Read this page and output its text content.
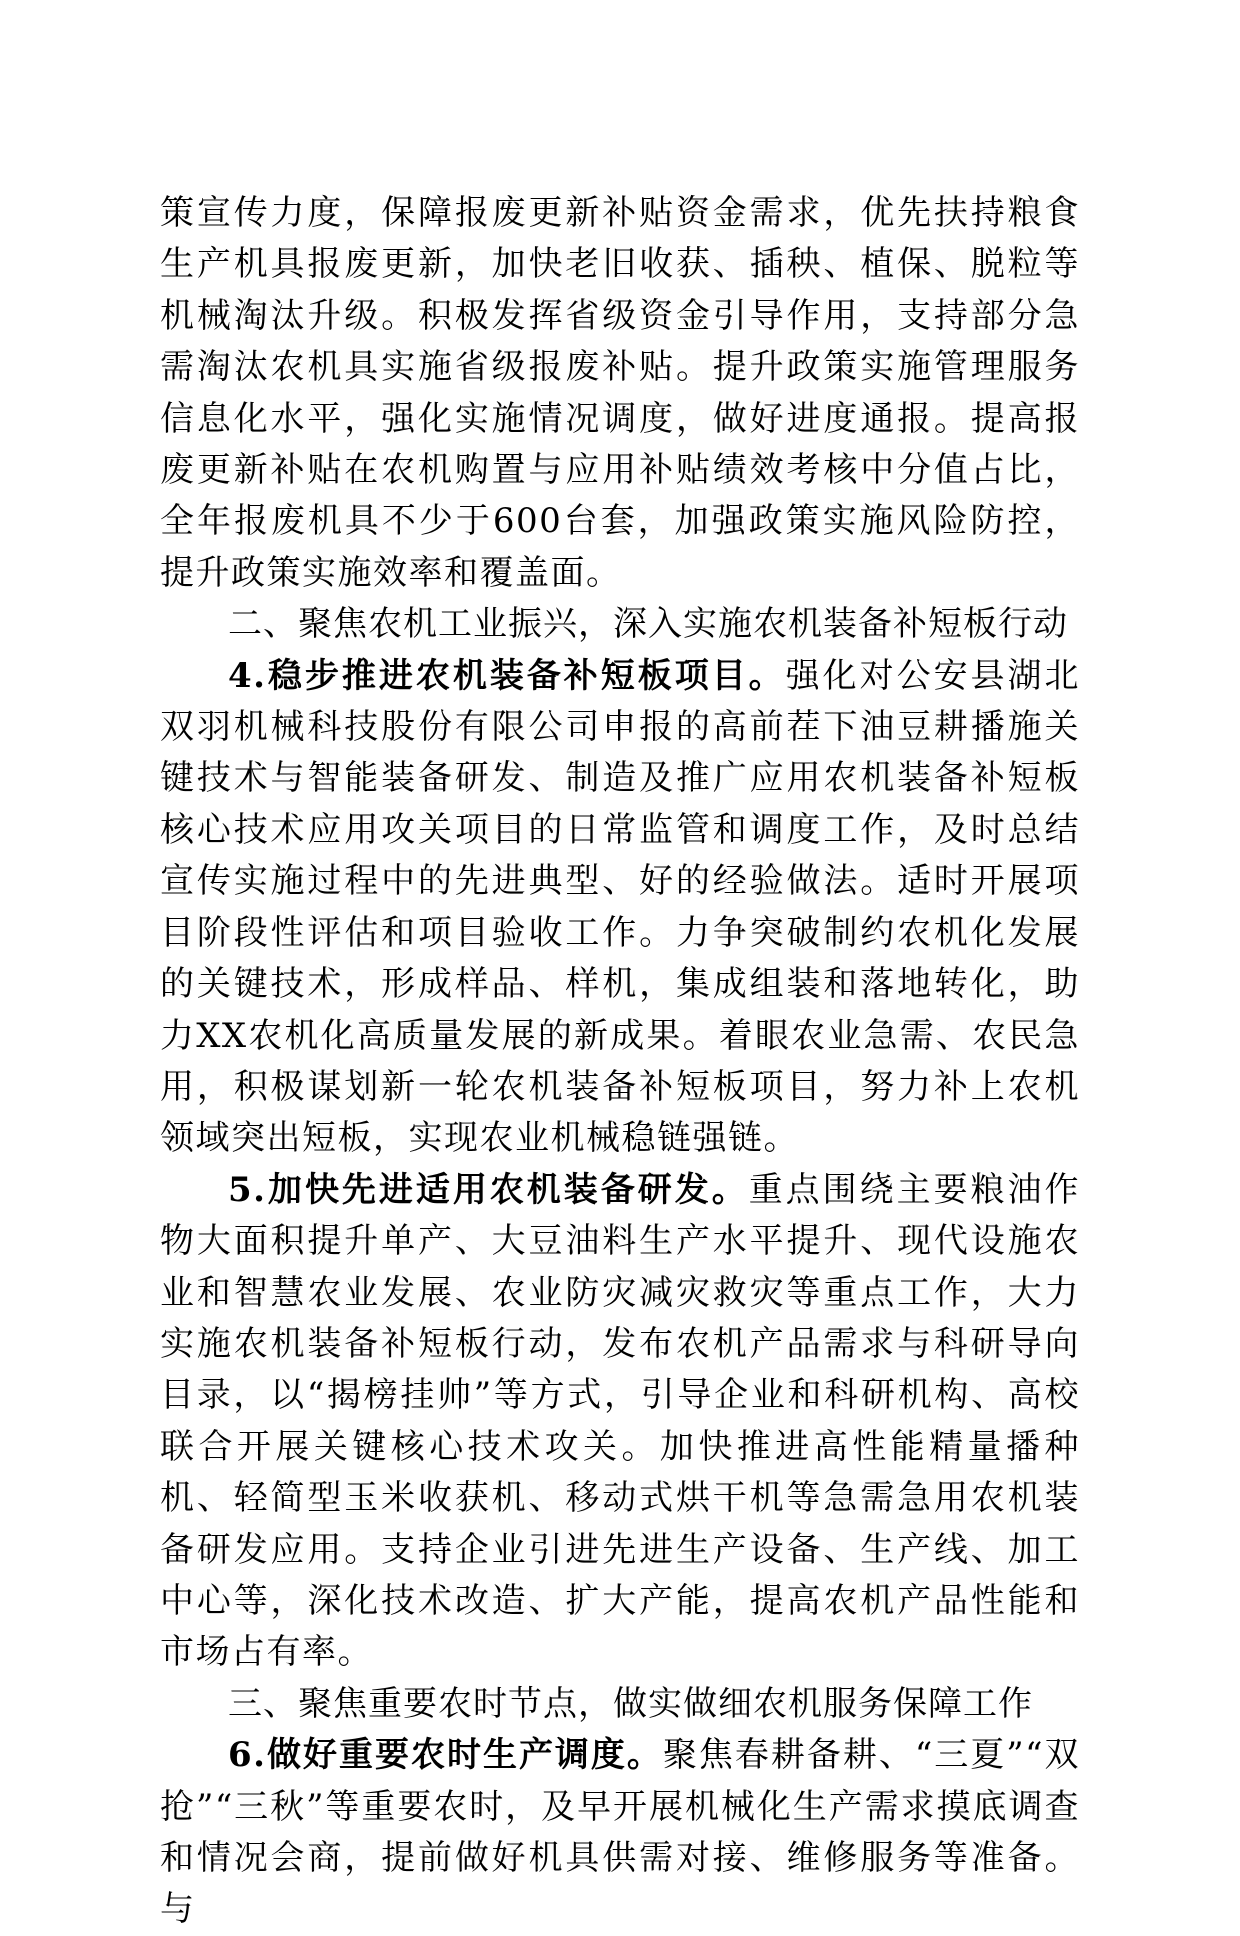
策宣传力度，保障报废更新补贴资金需求，优先扶持粮食生产机具报废更新，加快老旧收获、插秧、植保、脱粒等机械淘汰升级。积极发挥省级资金引导作用，支持部分急需淘汰农机具实施省级报废补贴。提升政策实施管理服务信息化水平，强化实施情况调度，做好进度通报。提高报废更新补贴在农机购置与应用补贴绩效考核中分值占比，全年报废机具不少于600台套，加强政策实施风险防控，提升政策实施效率和覆盖面。

二、聚焦农机工业振兴，深入实施农机装备补短板行动

4.稳步推进农机装备补短板项目。强化对公安县湖北双羽机械科技股份有限公司申报的高前茬下油豆耕播施关键技术与智能装备研发、制造及推广应用农机装备补短板核心技术应用攻关项目的日常监管和调度工作，及时总结宣传实施过程中的先进典型、好的经验做法。适时开展项目阶段性评估和项目验收工作。力争突破制约农机化发展的关键技术，形成样品、样机，集成组装和落地转化，助力XX农机化高质量发展的新成果。着眼农业急需、农民急用，积极谋划新一轮农机装备补短板项目，努力补上农机领域突出短板，实现农业机械稳链强链。

5.加快先进适用农机装备研发。重点围绕主要粮油作物大面积提升单产、大豆油料生产水平提升、现代设施农业和智慧农业发展、农业防灾减灾救灾等重点工作，大力实施农机装备补短板行动，发布农机产品需求与科研导向目录，以“揭榜挂帅”等方式，引导企业和科研机构、高校联合开展关键核心技术攻关。加快推进高性能精量播种机、轻简型玉米收获机、移动式烘干机等急需急用农机装备研发应用。支持企业引进先进生产设备、生产线、加工中心等，深化技术改造、扩大产能，提高农机产品性能和市场占有率。

三、聚焦重要农时节点，做实做细农机服务保障工作

6.做好重要农时生产调度。聚焦春耕备耕、“三夏”“双抢”“三秋”等重要农时，及早开展机械化生产需求摸底调查和情况会商，提前做好机具供需对接、维修服务等准备。与
